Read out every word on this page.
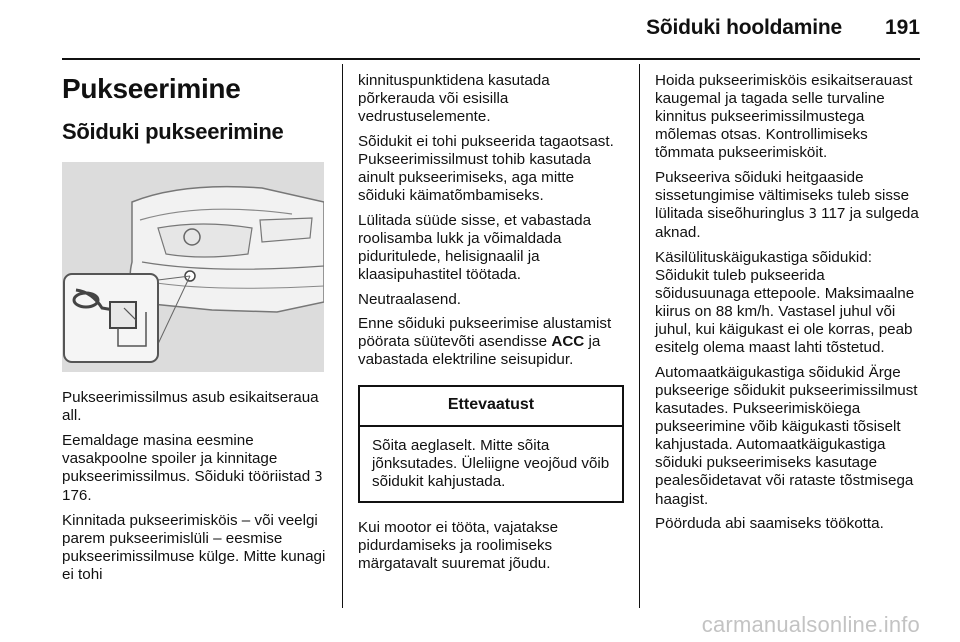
Sõiduki hooldamine 191
Pukseerimine
Sõiduki pukseerimine

Pukseerimissilmus asub esikaitseraua all.

Eemaldage masina eesmine vasakpoolne spoiler ja kinnitage pukseerimissilmus. Sõiduki tööriistad 3 176.

Kinnitada pukseerimisköis – või veelgi parem pukseerimislüli – eesmise pukseerimissilmuse külge. Mitte kunagi ei tohi

kinnituspunktidena kasutada põrkerauda või esisilla vedrustuselemente.

Sõidukit ei tohi pukseerida tagaotsast. Pukseerimissilmust tohib kasutada ainult pukseerimiseks, aga mitte sõiduki käimatõmbamiseks.

Lülitada süüde sisse, et vabastada roolisamba lukk ja võimaldada piduritulede, helisignaalil ja klaasipuhastitel töötada.

Neutraalasend.

Enne sõiduki pukseerimise alustamist pöörata süütevõti asendisse ACC ja vabastada elektriline seisupidur.

Ettevaatust
Sõita aeglaselt. Mitte sõita jõnksutades. Üleliigne veojõud võib sõidukit kahjustada.

Kui mootor ei tööta, vajatakse pidurdamiseks ja roolimiseks märgatavalt suuremat jõudu.

Hoida pukseerimisköis esikaitserauast kaugemal ja tagada selle turvaline kinnitus pukseerimissilmustega mõlemas otsas. Kontrollimiseks tõmmata pukseerimisköit.

Pukseeriva sõiduki heitgaaside sissetungimise vältimiseks tuleb sisse lülitada siseõhuringlus 3 117 ja sulgeda aknad.

Käsilülituskäigukastiga sõidukid: Sõidukit tuleb pukseerida sõidusuunaga ettepoole. Maksimaalne kiirus on 88 km/h. Vastasel juhul või juhul, kui käigukast ei ole korras, peab esitelg olema maast lahti tõstetud.

Automaatkäigukastiga sõidukid Ärge pukseerige sõidukit pukseerimissilmust kasutades. Pukseerimisköiega pukseerimine võib käigukasti tõsiselt kahjustada. Automaatkäigukastiga sõiduki pukseerimiseks kasutage pealesõidetavat või rataste tõstmisega haagist.

Pöörduda abi saamiseks töökotta.

carmanualsonline.info
